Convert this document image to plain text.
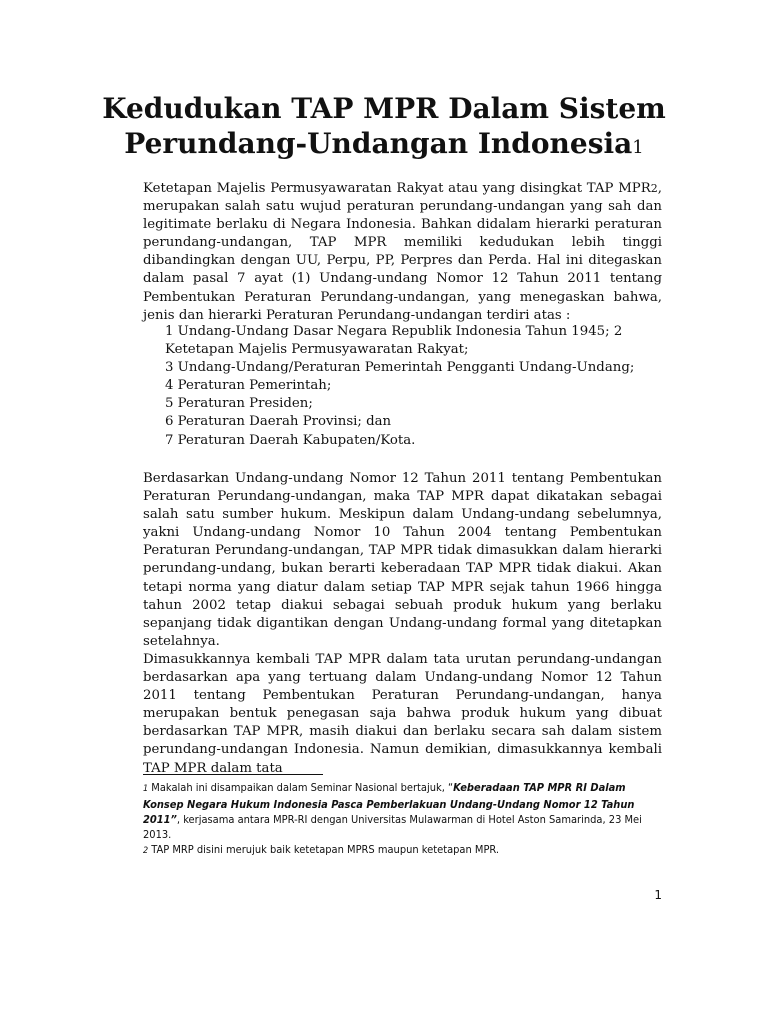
Kedudukan TAP MPR Dalam Sistem
Perundang-Undangan Indonesia1

Ketetapan Majelis Permusyawaratan Rakyat atau yang disingkat TAP MPR2, merupakan salah satu wujud peraturan perundang-undangan yang sah dan legitimate berlaku di Negara Indonesia. Bahkan didalam hierarki peraturan perundang-undangan, TAP MPR memiliki kedudukan lebih tinggi dibandingkan dengan UU, Perpu, PP, Perpres dan Perda. Hal ini ditegaskan dalam pasal 7 ayat (1) Undang-undang Nomor 12 Tahun 2011 tentang Pembentukan Peraturan Perundang-undangan, yang menegaskan bahwa, jenis dan hierarki Peraturan Perundang-undangan terdiri atas :

1 Undang-Undang Dasar Negara Republik Indonesia Tahun 1945; 2
Ketetapan Majelis Permusyawaratan Rakyat;
3 Undang-Undang/Peraturan Pemerintah Pengganti Undang-Undang;
4 Peraturan Pemerintah;
5 Peraturan Presiden;
6 Peraturan Daerah Provinsi; dan
7 Peraturan Daerah Kabupaten/Kota.

Berdasarkan Undang-undang Nomor 12 Tahun 2011 tentang Pembentukan Peraturan Perundang-undangan, maka TAP MPR dapat dikatakan sebagai salah satu sumber hukum. Meskipun dalam Undang-undang sebelumnya, yakni Undang-undang Nomor 10 Tahun 2004 tentang Pembentukan Peraturan Perundang-undangan, TAP MPR tidak dimasukkan dalam hierarki perundang-undang, bukan berarti keberadaan TAP MPR tidak diakui. Akan tetapi norma yang diatur dalam setiap TAP MPR sejak tahun 1966 hingga tahun 2002 tetap diakui sebagai sebuah produk hukum yang berlaku sepanjang tidak digantikan dengan Undang-undang formal yang ditetapkan setelahnya.

Dimasukkannya kembali TAP MPR dalam tata urutan perundang-undangan berdasarkan apa yang tertuang dalam Undang-undang Nomor 12 Tahun 2011 tentang Pembentukan Peraturan Perundang-undangan, hanya merupakan bentuk penegasan saja bahwa produk hukum yang dibuat berdasarkan TAP MPR, masih diakui dan berlaku secara sah dalam sistem perundang-undangan Indonesia. Namun demikian, dimasukkannya kembali TAP MPR dalam tata

1 Makalah ini disampaikan dalam Seminar Nasional bertajuk, “Keberadaan TAP MPR RI Dalam Konsep Negara Hukum Indonesia Pasca Pemberlakuan Undang-Undang Nomor 12 Tahun 2011”, kerjasama antara MPR-RI dengan Universitas Mulawarman di Hotel Aston Samarinda, 23 Mei 2013.

2 TAP MRP disini merujuk baik ketetapan MPRS maupun ketetapan MPR.

1
